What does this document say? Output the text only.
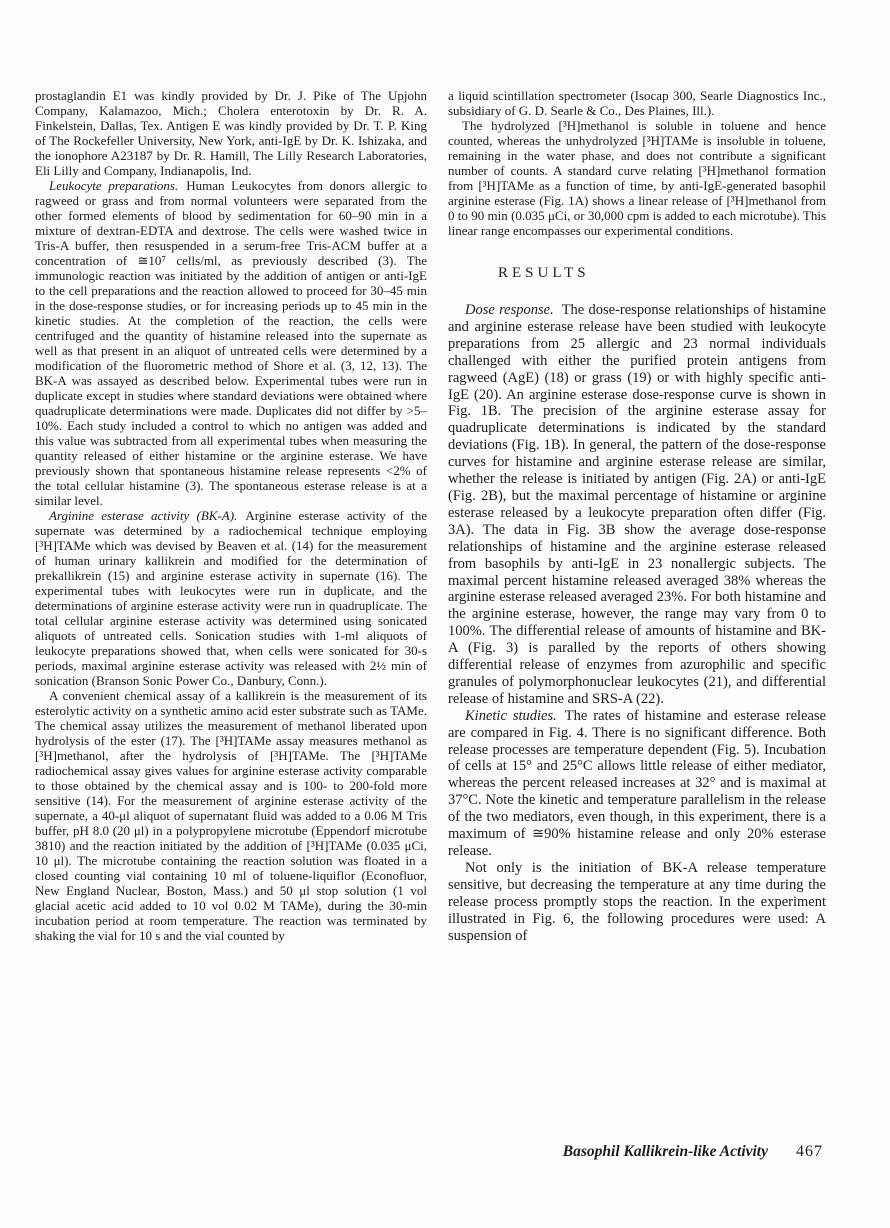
prostaglandin E1 was kindly provided by Dr. J. Pike of The Upjohn Company, Kalamazoo, Mich.; Cholera enterotoxin by Dr. R. A. Finkelstein, Dallas, Tex. Antigen E was kindly provided by Dr. T. P. King of The Rockefeller University, New York, anti-IgE by Dr. K. Ishizaka, and the ionophore A23187 by Dr. R. Hamill, The Lilly Research Laboratories, Eli Lilly and Company, Indianapolis, Ind.

Leukocyte preparations. Human Leukocytes from donors allergic to ragweed or grass and from normal volunteers were separated from the other formed elements of blood by sedimentation for 60–90 min in a mixture of dextran-EDTA and dextrose. The cells were washed twice in Tris-A buffer, then resuspended in a serum-free Tris-ACM buffer at a concentration of ≅10⁷ cells/ml, as previously described (3). The immunologic reaction was initiated by the addition of antigen or anti-IgE to the cell preparations and the reaction allowed to proceed for 30–45 min in the dose-response studies, or for increasing periods up to 45 min in the kinetic studies. At the completion of the reaction, the cells were centrifuged and the quantity of histamine released into the supernate as well as that present in an aliquot of untreated cells were determined by a modification of the fluorometric method of Shore et al. (3, 12, 13). The BK-A was assayed as described below. Experimental tubes were run in duplicate except in studies where standard deviations were obtained where quadruplicate determinations were made. Duplicates did not differ by >5–10%. Each study included a control to which no antigen was added and this value was subtracted from all experimental tubes when measuring the quantity released of either histamine or the arginine esterase. We have previously shown that spontaneous histamine release represents <2% of the total cellular histamine (3). The spontaneous esterase release is at a similar level.

Arginine esterase activity (BK-A). Arginine esterase activity of the supernate was determined by a radiochemical technique employing [³H]TAMe which was devised by Beaven et al. (14) for the measurement of human urinary kallikrein and modified for the determination of prekallikrein (15) and arginine esterase activity in supernate (16). The experimental tubes with leukocytes were run in duplicate, and the determinations of arginine esterase activity were run in quadruplicate. The total cellular arginine esterase activity was determined using sonicated aliquots of untreated cells. Sonication studies with 1-ml aliquots of leukocyte preparations showed that, when cells were sonicated for 30-s periods, maximal arginine esterase activity was released with 2½ min of sonication (Branson Sonic Power Co., Danbury, Conn.).

A convenient chemical assay of a kallikrein is the measurement of its esterolytic activity on a synthetic amino acid ester substrate such as TAMe. The chemical assay utilizes the measurement of methanol liberated upon hydrolysis of the ester (17). The [³H]TAMe assay measures methanol as [³H]methanol, after the hydrolysis of [³H]TAMe. The [³H]TAMe radiochemical assay gives values for arginine esterase activity comparable to those obtained by the chemical assay and is 100- to 200-fold more sensitive (14). For the measurement of arginine esterase activity of the supernate, a 40-μl aliquot of supernatant fluid was added to a 0.06 M Tris buffer, pH 8.0 (20 μl) in a polypropylene microtube (Eppendorf microtube 3810) and the reaction initiated by the addition of [³H]TAMe (0.035 μCi, 10 μl). The microtube containing the reaction solution was floated in a closed counting vial containing 10 ml of toluene-liquiflor (Econofluor, New England Nuclear, Boston, Mass.) and 50 μl stop solution (1 vol glacial acetic acid added to 10 vol 0.02 M TAMe), during the 30-min incubation period at room temperature. The reaction was terminated by shaking the vial for 10 s and the vial counted by

a liquid scintillation spectrometer (Isocap 300, Searle Diagnostics Inc., subsidiary of G. D. Searle & Co., Des Plaines, Ill.).

The hydrolyzed [³H]methanol is soluble in toluene and hence counted, whereas the unhydrolyzed [³H]TAMe is insoluble in toluene, remaining in the water phase, and does not contribute a significant number of counts. A standard curve relating [³H]methanol formation from [³H]TAMe as a function of time, by anti-IgE-generated basophil arginine esterase (Fig. 1A) shows a linear release of [³H]methanol from 0 to 90 min (0.035 μCi, or 30,000 cpm is added to each microtube). This linear range encompasses our experimental conditions.

RESULTS

Dose response. The dose-response relationships of histamine and arginine esterase release have been studied with leukocyte preparations from 25 allergic and 23 normal individuals challenged with either the purified protein antigens from ragweed (AgE) (18) or grass (19) or with highly specific anti-IgE (20). An arginine esterase dose-response curve is shown in Fig. 1B. The precision of the arginine esterase assay for quadruplicate determinations is indicated by the standard deviations (Fig. 1B). In general, the pattern of the dose-response curves for histamine and arginine esterase release are similar, whether the release is initiated by antigen (Fig. 2A) or anti-IgE (Fig. 2B), but the maximal percentage of histamine or arginine esterase released by a leukocyte preparation often differ (Fig. 3A). The data in Fig. 3B show the average dose-response relationships of histamine and the arginine esterase released from basophils by anti-IgE in 23 nonallergic subjects. The maximal percent histamine released averaged 38% whereas the arginine esterase released averaged 23%. For both histamine and the arginine esterase, however, the range may vary from 0 to 100%. The differential release of amounts of histamine and BK-A (Fig. 3) is paralled by the reports of others showing differential release of enzymes from azurophilic and specific granules of polymorphonuclear leukocytes (21), and differential release of histamine and SRS-A (22).

Kinetic studies. The rates of histamine and esterase release are compared in Fig. 4. There is no significant difference. Both release processes are temperature dependent (Fig. 5). Incubation of cells at 15° and 25°C allows little release of either mediator, whereas the percent released increases at 32° and is maximal at 37°C. Note the kinetic and temperature parallelism in the release of the two mediators, even though, in this experiment, there is a maximum of ≅90% histamine release and only 20% esterase release.

Not only is the initiation of BK-A release temperature sensitive, but decreasing the temperature at any time during the release process promptly stops the reaction. In the experiment illustrated in Fig. 6, the following procedures were used: A suspension of

Basophil Kallikrein-like Activity 467
